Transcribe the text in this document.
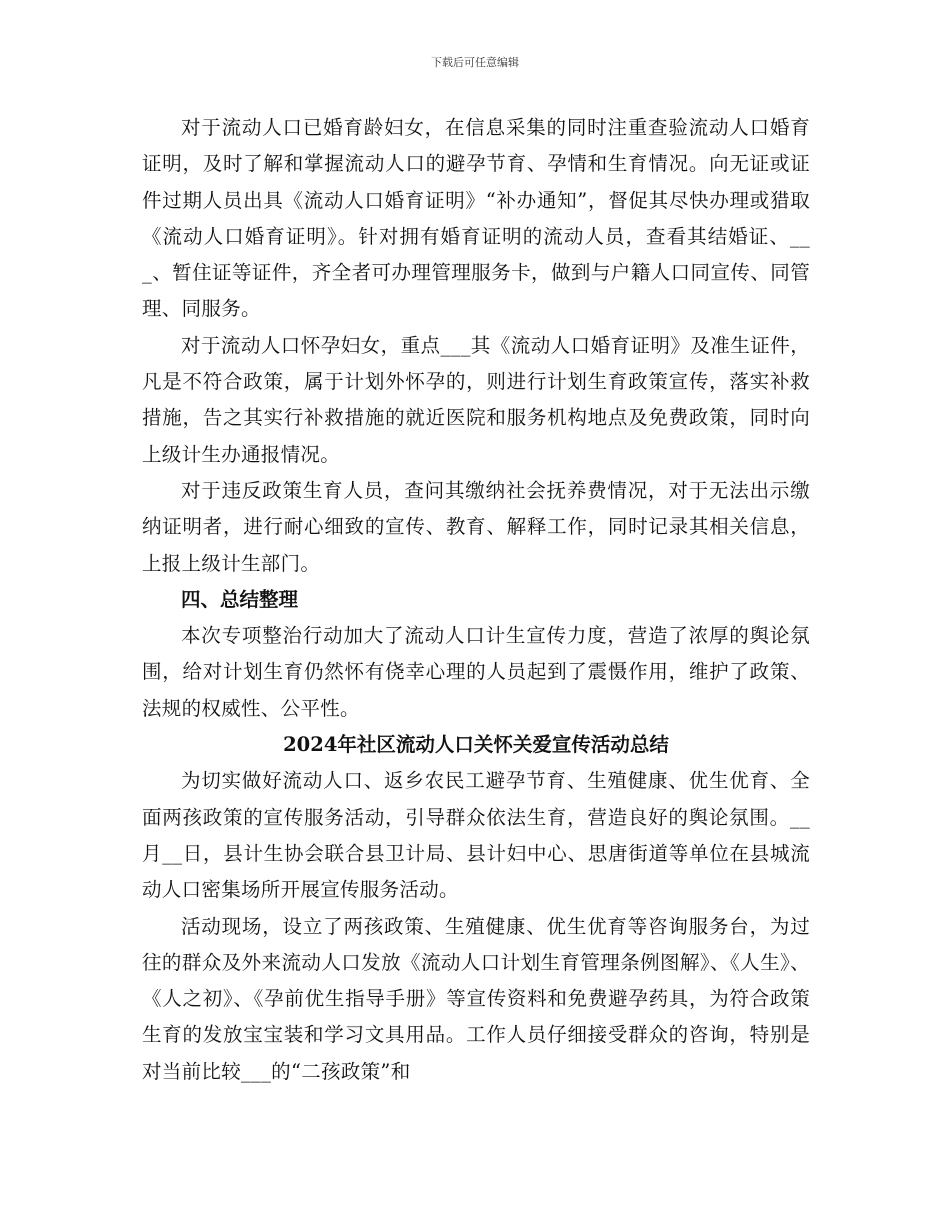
下载后可任意编辑

对于流动人口已婚育龄妇女，在信息采集的同时注重查验流动人口婚育证明，及时了解和掌握流动人口的避孕节育、孕情和生育情况。向无证或证件过期人员出具《流动人口婚育证明》“补办通知”，督促其尽快办理或猎取《流动人口婚育证明》。针对拥有婚育证明的流动人员，查看其结婚证、___、暂住证等证件，齐全者可办理管理服务卡，做到与户籍人口同宣传、同管理、同服务。

对于流动人口怀孕妇女，重点___其《流动人口婚育证明》及准生证件，凡是不符合政策，属于计划外怀孕的，则进行计划生育政策宣传，落实补救措施，告之其实行补救措施的就近医院和服务机构地点及免费政策，同时向上级计生办通报情况。

对于违反政策生育人员，查问其缴纳社会抚养费情况，对于无法出示缴纳证明者，进行耐心细致的宣传、教育、解释工作，同时记录其相关信息，上报上级计生部门。

四、总结整理

本次专项整治行动加大了流动人口计生宣传力度，营造了浓厚的舆论氛围，给对计划生育仍然怀有侥幸心理的人员起到了震慑作用，维护了政策、法规的权威性、公平性。

2024年社区流动人口关怀关爱宣传活动总结

为切实做好流动人口、返乡农民工避孕节育、生殖健康、优生优育、全面两孩政策的宣传服务活动，引导群众依法生育，营造良好的舆论氛围。__月__日，县计生协会联合县卫计局、县计妇中心、思唐街道等单位在县城流动人口密集场所开展宣传服务活动。

活动现场，设立了两孩政策、生殖健康、优生优育等咨询服务台，为过往的群众及外来流动人口发放《流动人口计划生育管理条例图解》、《人生》、《人之初》、《孕前优生指导手册》等宣传资料和免费避孕药具，为符合政策生育的发放宝宝装和学习文具用品。工作人员仔细接受群众的咨询，特别是对当前比较___的“二孩政策”和
